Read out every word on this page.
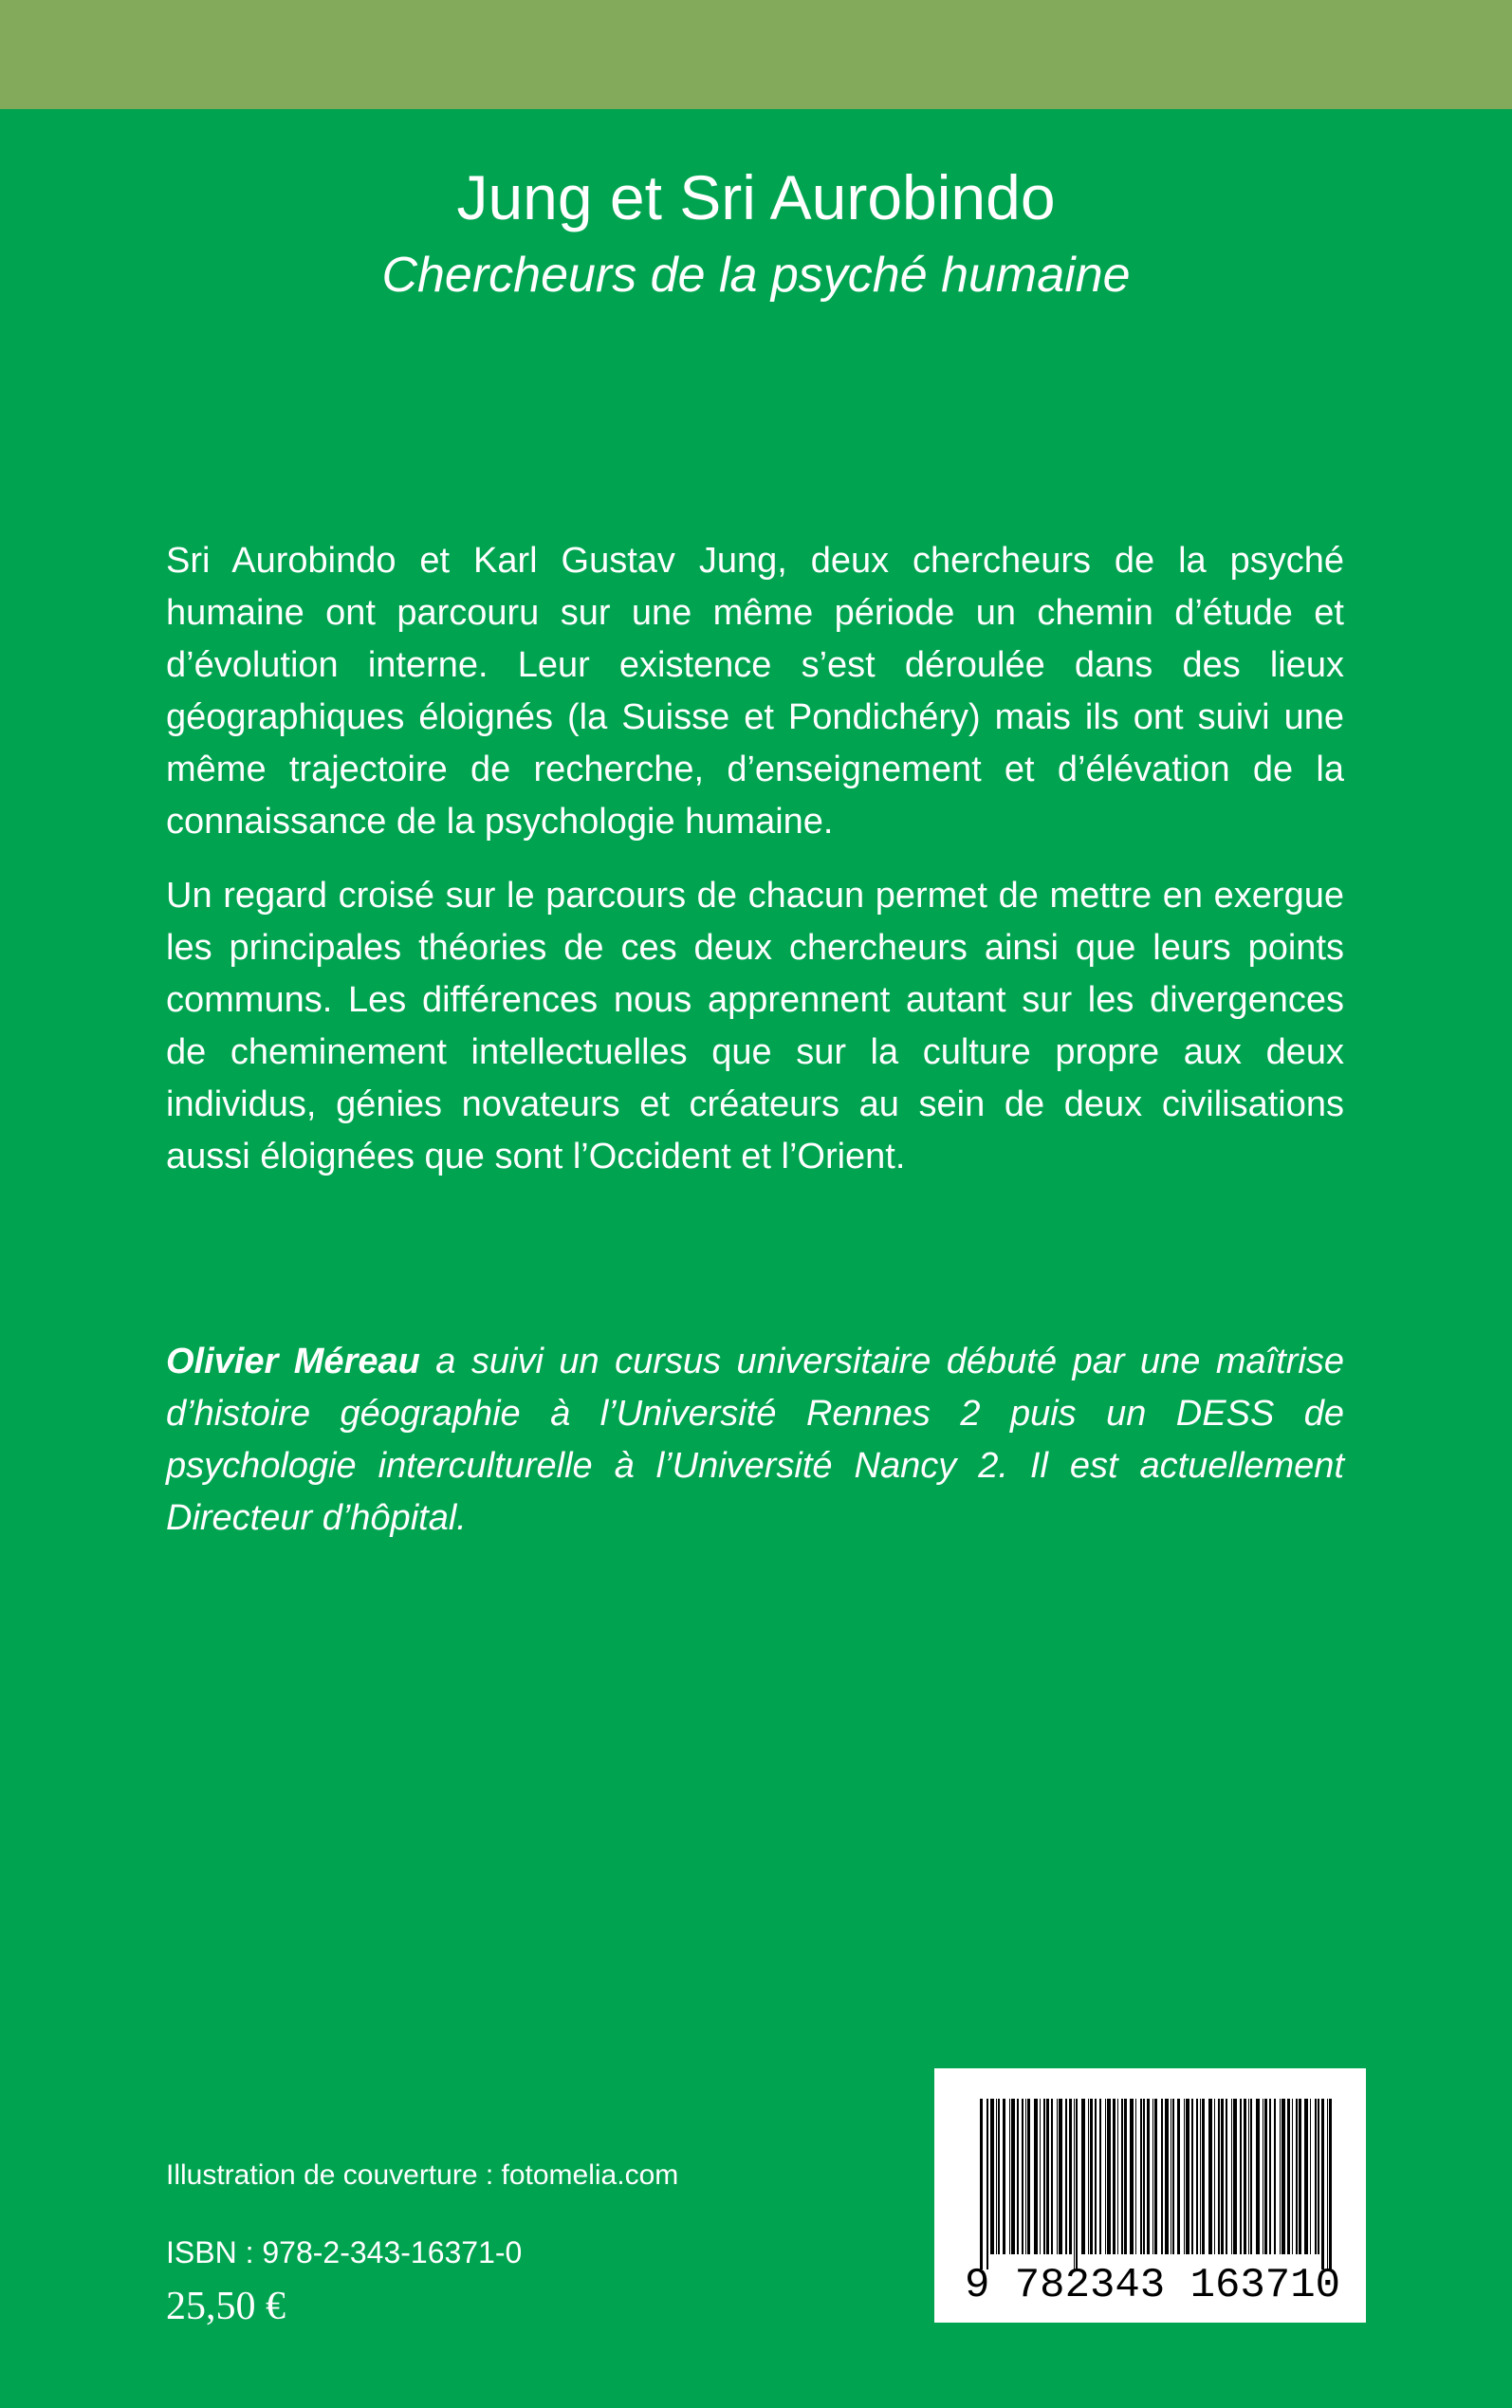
Jung et Sri Aurobindo
Chercheurs de la psyché humaine

Sri Aurobindo et Karl Gustav Jung, deux chercheurs de la psyché humaine ont parcouru sur une même période un chemin d’étude et d’évolution interne. Leur existence s’est déroulée dans des lieux géographiques éloignés (la Suisse et Pondichéry) mais ils ont suivi une même trajectoire de recherche, d’enseignement et d’élévation de la connaissance de la psychologie humaine.

Un regard croisé sur le parcours de chacun permet de mettre en exergue les principales théories de ces deux chercheurs ainsi que leurs points communs. Les différences nous apprennent autant sur les divergences de cheminement intellectuelles que sur la culture propre aux deux individus, génies novateurs et créateurs au sein de deux civilisations aussi éloignées que sont l’Occident et l’Orient.

Olivier Méreau a suivi un cursus universitaire débuté par une maîtrise d’histoire géographie à l’Université Rennes 2 puis un DESS de psychologie interculturelle à l’Université Nancy 2. Il est actuellement Directeur d’hôpital.

Illustration de couverture : fotomelia.com
ISBN : 978-2-343-16371-0
25,50 €	9 782343 163710
